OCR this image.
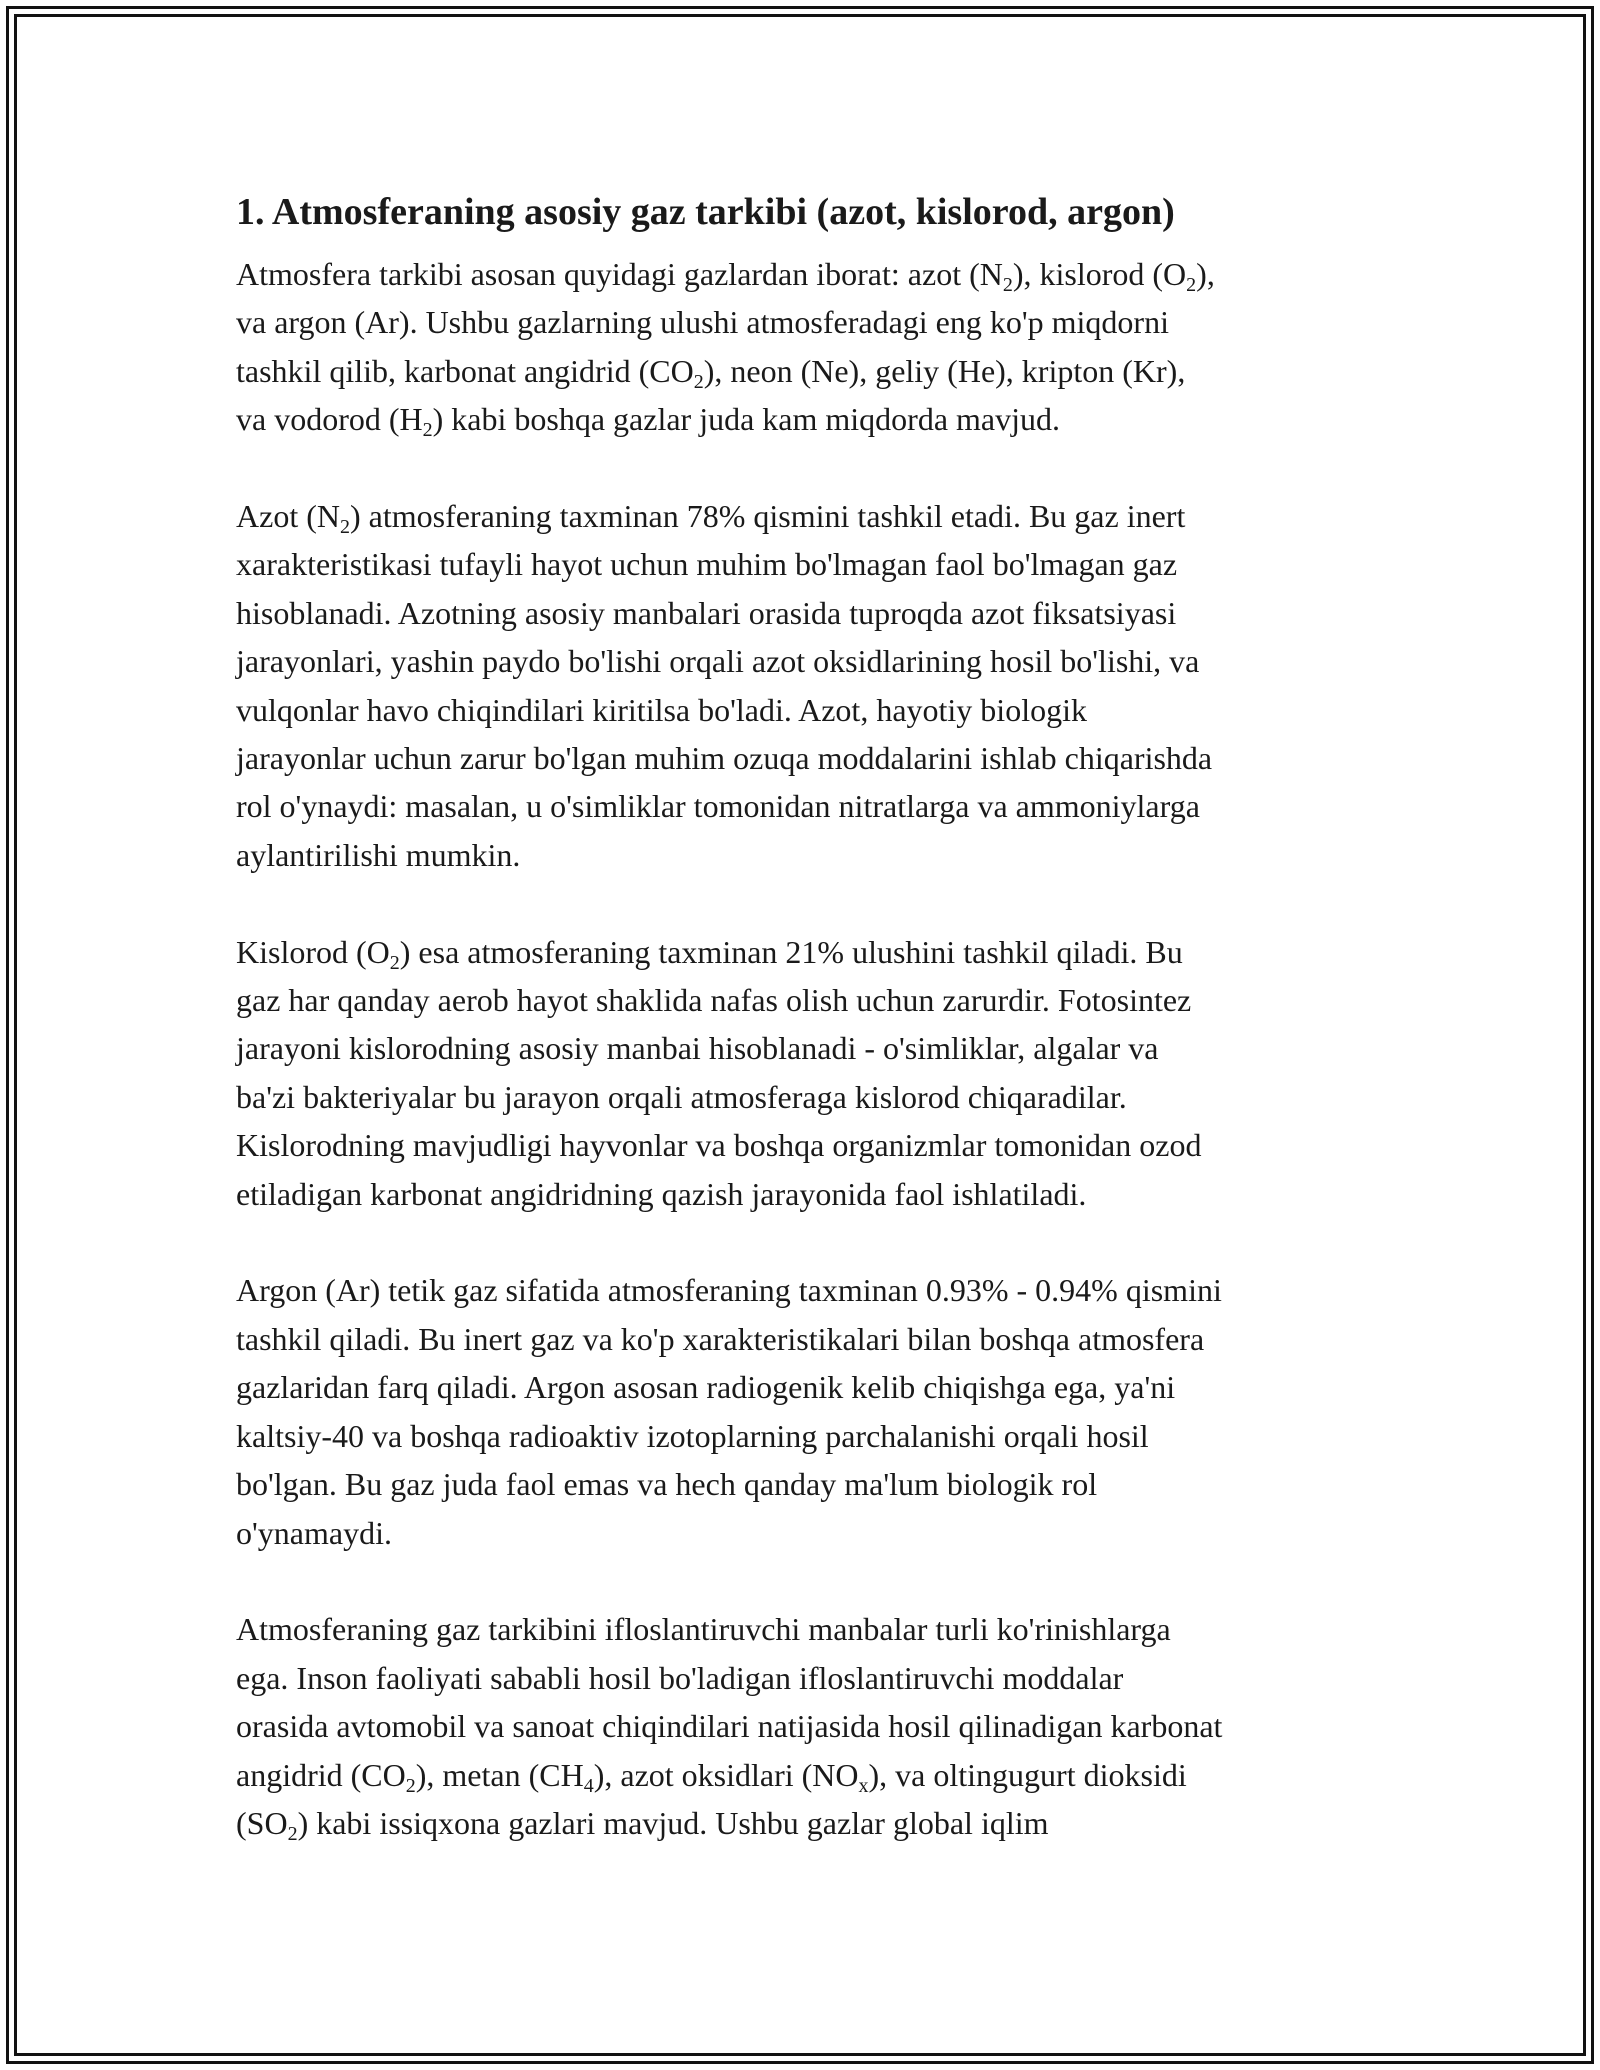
1. Atmosferaning asosiy gaz tarkibi (azot, kislorod, argon)

Atmosfera tarkibi asosan quyidagi gazlardan iborat: azot $(N_2)$, kislorod $(O_2)$,
va argon (Ar). Ushbu gazlarning ulushi atmosferadagi eng ko'p miqdorni
tashkil qilib, karbonat angidrid $(CO_2)$, neon (Ne), geliy (He), kripton (Kr),
va vodorod $(H_2)$ kabi boshqa gazlar juda kam miqdorda mavjud.

Azot $(N_2)$ atmosferaning taxminan 78% qismini tashkil etadi. Bu gaz inert
xarakteristikasi tufayli hayot uchun muhim bo'lmagan faol bo'lmagan gaz
hisoblanadi. Azotning asosiy manbalari orasida tuproqda azot fiksatsiyasi
jarayonlari, yashin paydo bo'lishi orqali azot oksidlarining hosil bo'lishi, va
vulqonlar havo chiqindilari kiritilsa bo'ladi. Azot, hayotiy biologik
jarayonlar uchun zarur bo'lgan muhim ozuqa moddalarini ishlab chiqarishda
rol o'ynaydi: masalan, u o'simliklar tomonidan nitratlarga va ammoniylarga
aylantirilishi mumkin.

Kislorod $(O_2)$ esa atmosferaning taxminan 21% ulushini tashkil qiladi. Bu
gaz har qanday aerob hayot shaklida nafas olish uchun zarurdir. Fotosintez
jarayoni kislorodning asosiy manbai hisoblanadi - o'simliklar, algalar va
ba'zi bakteriyalar bu jarayon orqali atmosferaga kislorod chiqaradilar.
Kislorodning mavjudligi hayvonlar va boshqa organizmlar tomonidan ozod
etiladigan karbonat angidridning qazish jarayonida faol ishlatiladi.

Argon (Ar) tetik gaz sifatida atmosferaning taxminan 0.93% - 0.94% qismini
tashkil qiladi. Bu inert gaz va ko'p xarakteristikalari bilan boshqa atmosfera
gazlaridan farq qiladi. Argon asosan radiogenik kelib chiqishga ega, ya'ni
kaltsiy-40 va boshqa radioaktiv izotoplarning parchalanishi orqali hosil
bo'lgan. Bu gaz juda faol emas va hech qanday ma'lum biologik rol
o'ynamaydi.

Atmosferaning gaz tarkibini ifloslantiruvchi manbalar turli ko'rinishlarga
ega. Inson faoliyati sababli hosil bo'ladigan ifloslantiruvchi moddalar
orasida avtomobil va sanoat chiqindilari natijasida hosil qilinadigan karbonat
angidrid $(CO_2)$, metan $(CH_4)$, azot oksidlari $(NO_x)$, va oltingugurt dioksidi
$(SO_2)$ kabi issiqxona gazlari mavjud. Ushbu gazlar global iqlim
